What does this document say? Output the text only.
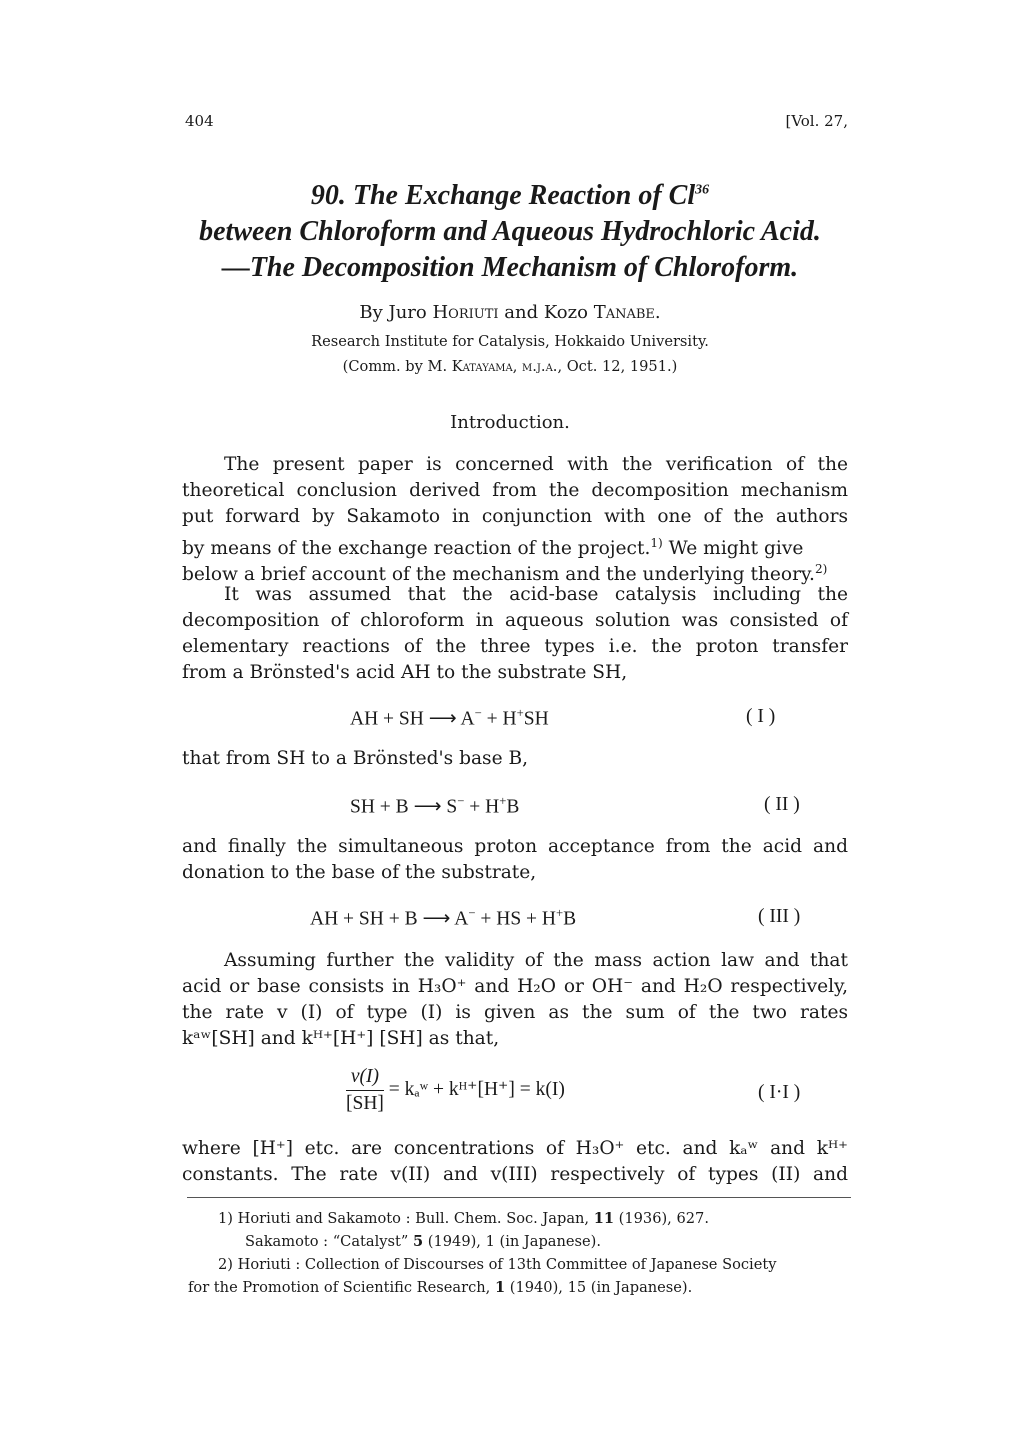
404	[Vol. 27,
90. The Exchange Reaction of Cl$^{36}$
between Chloroform and Aqueous Hydrochloric Acid.
—The Decomposition Mechanism of Chloroform.
By Juro Horiuti and Kozo Tanabe.
Research Institute for Catalysis, Hokkaido University.
(Comm. by M. Katayama, m.j.a., Oct. 12, 1951.)
Introduction.
The present paper is concerned with the verification of the
theoretical conclusion derived from the decomposition mechanism
put forward by Sakamoto in conjunction with one of the authors
by means of the exchange reaction of the project.$^{1)}$ We might give
below a brief account of the mechanism and the underlying theory.$^{2)}$
It was assumed that the acid-base catalysis including the
decomposition of chloroform in aqueous solution was consisted of
elementary reactions of the three types i.e. the proton transfer
from a Brönsted's acid AH to the substrate SH,
AH + SH ⟶ A− + H+SH	( I )
that from SH to a Brönsted's base B,
SH + B ⟶ S− + H+B	( II )
and finally the simultaneous proton acceptance from the acid and
donation to the base of the substrate,
AH + SH + B ⟶ A− + HS + H+B	( III )
Assuming further the validity of the mass action law and that
acid or base consists in H₃O⁺ and H₂O or OH⁻ and H₂O respectively,
the rate v (I) of type (I) is given as the sum of the two rates
kᵃʷ[SH] and kᴴ⁺[H⁺] [SH] as that,
$\frac{v(I)}{[SH]}$ = kₐʷ + kᴴ⁺[H⁺] = k(I)	( I·I )
where [H⁺] etc. are concentrations of H₃O⁺ etc. and kₐʷ and kᴴ⁺
constants. The rate v(II) and v(III) respectively of types (II) and
1) Horiuti and Sakamoto : Bull. Chem. Soc. Japan, 11 (1936), 627.
Sakamoto : “Catalyst” 5 (1949), 1 (in Japanese).
2) Horiuti : Collection of Discourses of 13th Committee of Japanese Society
for the Promotion of Scientific Research, 1 (1940), 15 (in Japanese).
